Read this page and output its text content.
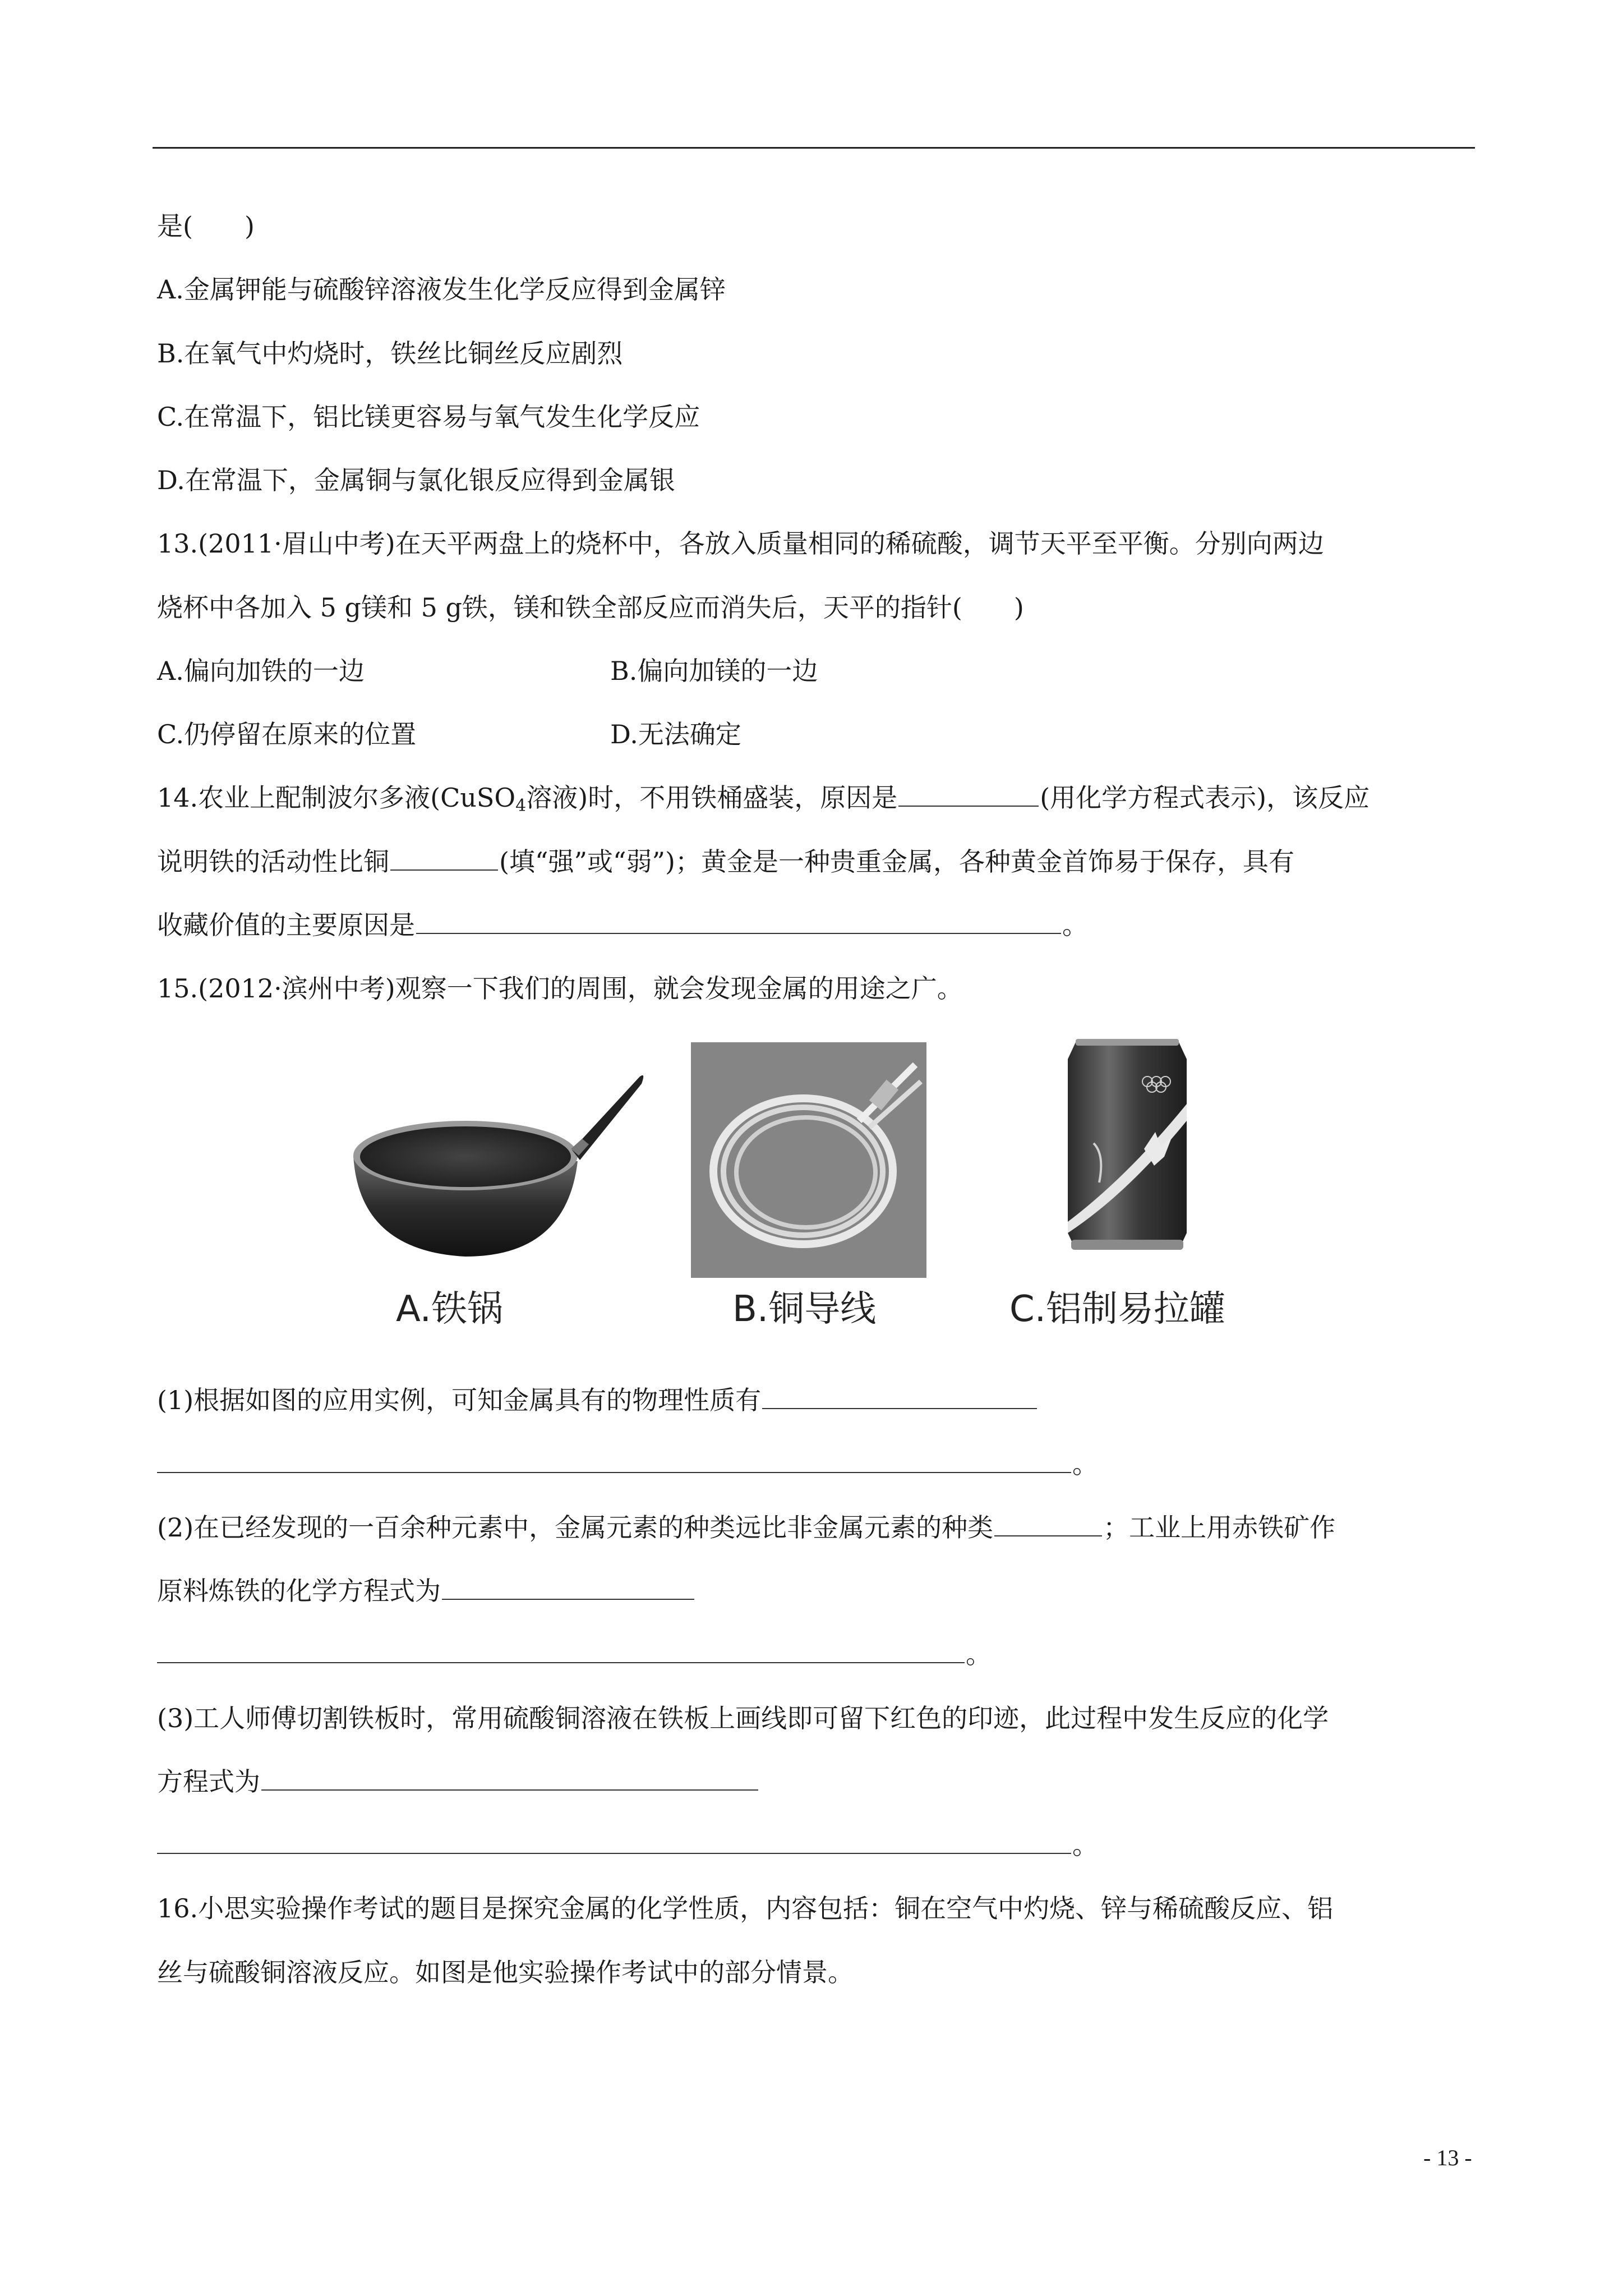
是(　　)
A.金属钾能与硫酸锌溶液发生化学反应得到金属锌
B.在氧气中灼烧时，铁丝比铜丝反应剧烈
C.在常温下，铝比镁更容易与氧气发生化学反应
D.在常温下，金属铜与氯化银反应得到金属银
13.(2011·眉山中考)在天平两盘上的烧杯中，各放入质量相同的稀硫酸，调节天平至平衡。分别向两边
烧杯中各加入 5 g镁和 5 g铁，镁和铁全部反应而消失后，天平的指针(　　)
A.偏向加铁的一边	B.偏向加镁的一边
C.仍停留在原来的位置	D.无法确定
14.农业上配制波尔多液(CuSO$_4$溶液)时，不用铁桶盛装，原因是	(用化学方程式表示)，该反应
说明铁的活动性比铜	(填“强”或“弱”)；黄金是一种贵重金属，各种黄金首饰易于保存，具有
收藏价值的主要原因是	。
15.(2012·滨州中考)观察一下我们的周围，就会发现金属的用途之广。
A.铁锅	B.铜导线	C.铝制易拉罐
(1)根据如图的应用实例，可知金属具有的物理性质有
。
(2)在已经发现的一百余种元素中，金属元素的种类远比非金属元素的种类	；工业上用赤铁矿作
原料炼铁的化学方程式为
。
(3)工人师傅切割铁板时，常用硫酸铜溶液在铁板上画线即可留下红色的印迹，此过程中发生反应的化学
方程式为
。
16.小思实验操作考试的题目是探究金属的化学性质，内容包括：铜在空气中灼烧、锌与稀硫酸反应、铝
丝与硫酸铜溶液反应。如图是他实验操作考试中的部分情景。
- 13 -
